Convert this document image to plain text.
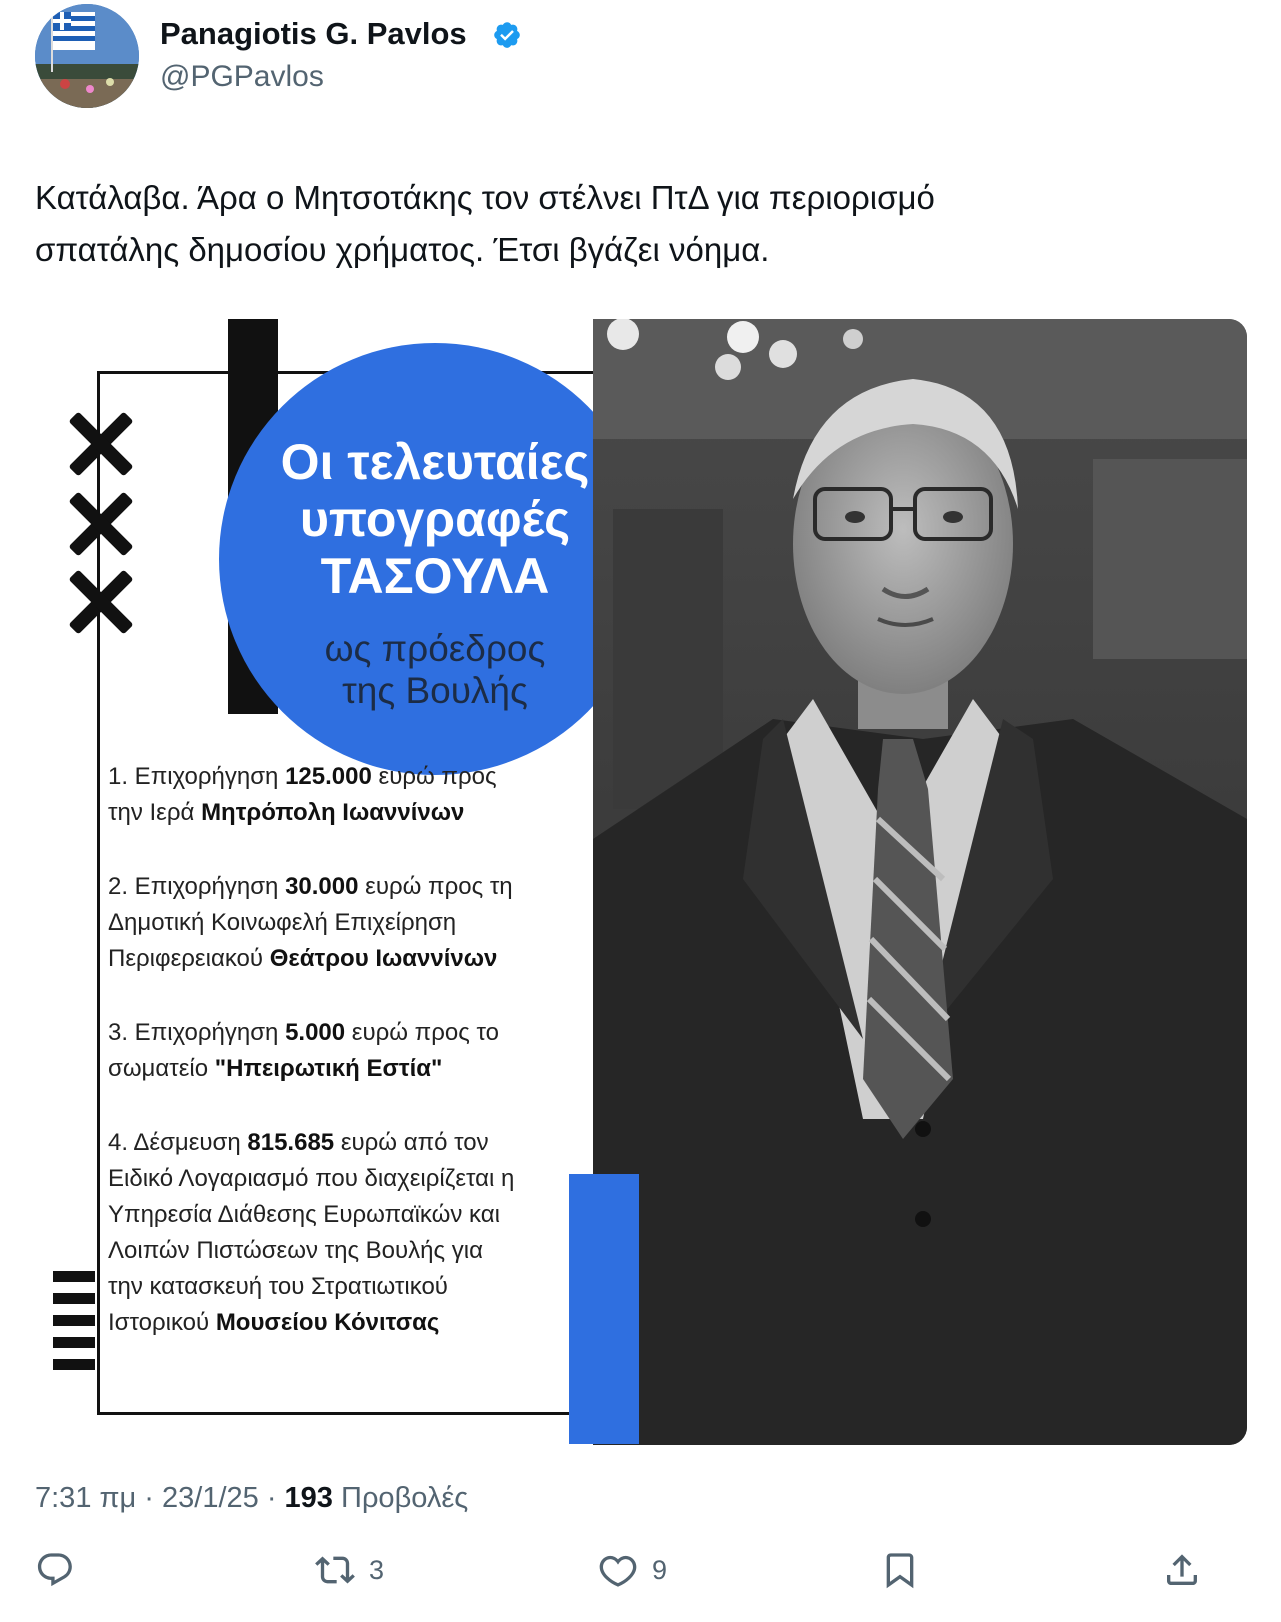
Panagiotis G. Pavlos
@PGPavlos
Κατάλαβα. Άρα ο Μητσοτάκης τον στέλνει ΠτΔ για περιορισμό
σπατάλης δημοσίου χρήματος. Έτσι βγάζει νόημα.
Οι τελευταίες
υπογραφές
ΤΑΣΟΥΛΑ
ως πρόεδρος
της Βουλής
1. Επιχορήγηση 125.000 ευρώ προς
την Ιερά Μητρόπολη Ιωαννίνων
2. Επιχορήγηση 30.000 ευρώ προς τη
Δημοτική Κοινωφελή Επιχείρηση
Περιφερειακού Θεάτρου Ιωαννίνων
3. Επιχορήγηση 5.000 ευρώ προς το
σωματείο "Ηπειρωτική Εστία"
4. Δέσμευση 815.685 ευρώ από τον
Ειδικό Λογαριασμό που διαχειρίζεται η
Υπηρεσία Διάθεσης Ευρωπαϊκών και
Λοιπών Πιστώσεων της Βουλής για
την κατασκευή του Στρατιωτικού
Ιστορικού Μουσείου Κόνιτσας
7:31 πμ · 23/1/25 · 193 Προβολές
3	9
